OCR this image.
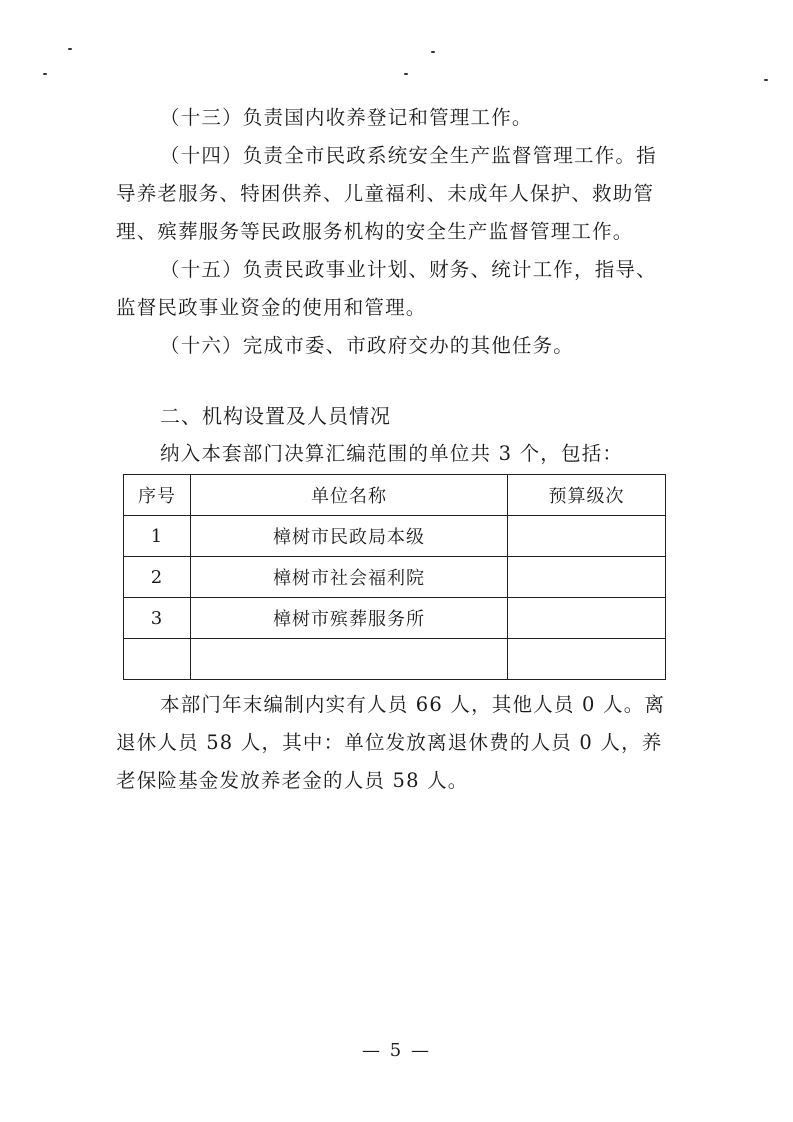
（十三）负责国内收养登记和管理工作。
（十四）负责全市民政系统安全生产监督管理工作。指
导养老服务、特困供养、儿童福利、未成年人保护、救助管
理、殡葬服务等民政服务机构的安全生产监督管理工作。
（十五）负责民政事业计划、财务、统计工作，指导、
监督民政事业资金的使用和管理。
（十六）完成市委、市政府交办的其他任务。
二、机构设置及人员情况
纳入本套部门决算汇编范围的单位共 3 个，包括：
序号	单位名称	预算级次
1	樟树市民政局本级	
2	樟树市社会福利院	
3	樟树市殡葬服务所	

本部门年末编制内实有人员 66 人，其他人员 0 人。离
退休人员 58 人，其中：单位发放离退休费的人员 0 人，养
老保险基金发放养老金的人员 58 人。
— 5 —
